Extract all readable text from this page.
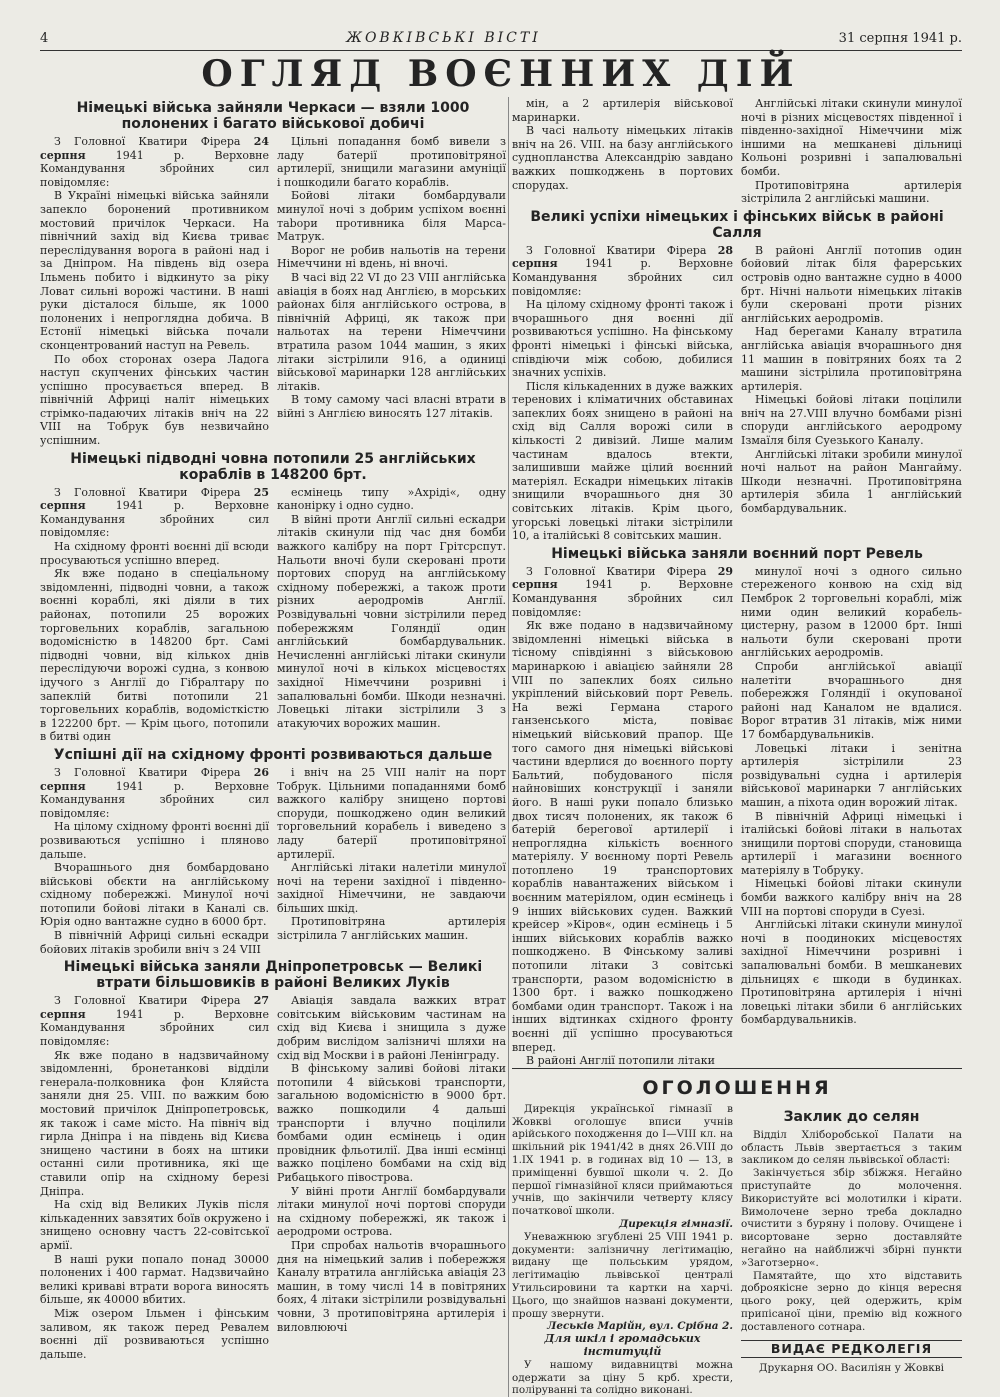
4	ЖОВКІВСЬКІ ВІСТІ	31 серпня 1941 р.
ОГЛЯД ВОЄННИХ ДІЙ
Німецькі війська зайняли Черкаси — взяли 1000 полонених і багато військової добичі

З Головної Кватири Фірера 24 серпня 1941 р. Верховне Командування збройних сил повідомляє:

В Україні німецькі війська зайняли запекло боронений противником мостовий причілок Черкаси. На північний захід від Києва триває переслідування ворога в районі над і за Дніпром. На південь від озера Ільмень побито і відкинуто за ріку Ловат сильні ворожі частини. В наші руки дісталося більше, як 1000 полонених і непроглядна добича. В Естонії німецькі війська почали сконцентрований наступ на Ревель.

По обох сторонах озера Ладога наступ скупчених фінських частин успішно просувається вперед. В північній Африці наліт німецьких стрімко-падаючих літаків вніч на 22 VIII на Тобрук був незвичайно успішним.

Цільні попадання бомб вивели з ладу батерії протиповітряної артилерії, знищили магазини амуніції і пошкодили багато кораблів.

Бойові літаки бомбардували минулої ночі з добрим успіхом воєнні тabори противника біля Марса-Матрук.

Ворог не робив нальотів на терени Німеччини ні вдень, ні вночі.

В часі від 22 VI до 23 VIII англійська авіація в боях над Англією, в морських районах біля англійського острова, в північній Африці, як також при нальотах на терени Німеччини втратила разом 1044 машин, з яких літаки зістрілили 916, а одиниці військової маринарки 128 англійських літаків.

В тому самому часі власні втрати в війні з Англією виносять 127 літаків.

Німецькі підводні човна потопили 25 англійських кораблів в 148200 брт.

З Головної Кватири Фірера 25 серпня 1941 р. Верховне Командування збройних сил повідомляє:

На східному фронті воєнні дії всюди просуваються успішно вперед.

Як вже подано в спеціальному звідомленні, підводні човни, а також воєнні кораблі, які діяли в тих районах, потопили 25 ворожих торговельних кораблів, загальною водомісністю в 148200 брт. Самі підводні човни, від кількох днів переслідуючи ворожі судна, з конвою ідучого з Англії до Гібралтару по запеклій битві потопили 21 торговельних кораблів, водомісткістю в 122200 брт. — Крім цього, потопили в битві один

есмінець типу »Ахріді«, одну канонірку і одно судно.

В війні проти Англії сильні ескадри літаків скинули під час дня бомби важкого калібру на порт Грітсрспут. Нальоти вночі були скеровані проти портових споруд на англійському східному побережжі, а також проти різних аеродромів Англії. Розвідувальні човни зістрілили перед побережжям Голяндії один англійський бомбардувальник. Нечисленні англійські літаки скинули минулої ночі в кількох місцевостях західної Німеччини розривні і запалювальні бомби. Шкоди незначні. Ловецькі літаки зістрілили 3 з атакуючих ворожих машин.

Успішні дії на східному фронті розвиваються дальше

З Головної Кватири Фірера 26 серпня 1941 р. Верховне Командування збройних сил повідомляє:

На цілому східному фронті воєнні дії розвиваються успішно і пляново дальше.

Вчорашнього дня бомбардовано військові обєкти на англійському східному побережжі. Минулої ночі потопили бойові літаки в Каналі св. Юрія одно вантажне судно в 6000 брт.

В північній Африці сильні ескадри бойових літаків зробили вніч з 24 VIII

і вніч на 25 VIII наліт на порт Тобрук. Цільними попаданнями бомб важкого калібру знищено портові споруди, пошкоджено один великий торговельний корабель і виведено з ладу батерії протиповітряної артилерії.

Англійські літаки налетіли минулої ночі на терени західної і південно-західної Німеччини, не завдаючи більших шкід.

Протиповітряна артилерія зістрілила 7 англійських машин.

Німецькі війська заняли Дніпропетровськ — Великі втрати більшовиків в районі Великих Луків

З Головної Кватири Фірера 27 серпня 1941 р. Верховне Командування збройних сил повідомляє:

Як вже подано в надзвичайному звідомленні, бронетанкові відділи генерала-полковника фон Кляйста заняли дня 25. VIII. по важким бою мостовий причілок Дніпропетровськ, як також і саме місто. На північ від гирла Дніпра і на південь від Києва знищено частини в боях на штики останні сили противника, які ще ставили опір на східному березі Дніпра.

На схід від Великих Луків після кількаденних завзятих боїв окружено і знищено основну частъ 22-совітської армії.

В наші руки попало понад 30000 полонених і 400 гармат. Надзвичайно великі криваві втрати ворога виносять більше, як 40000 вбитих.

Між озером Ільмен і фінським заливом, як також перед Ревалем воєнні дії розвиваються успішно дальше.

Авіація завдала важких втрат совітським військовим частинам на схід від Києва і знищила з дуже добрим вислідом залізничі шляхи на схід від Москви і в районі Ленінграду.

В фінському заливі бойові літаки потопили 4 військові транспорти, загальною водомісністю в 9000 брт. важко пошкодили 4 дальші транспорти і влучно поцілили бомбами один есмінець і один провідник фльотилії. Два інші есмінці важко поцілено бомбами на схід від Рибацького півострова.

У війні проти Англії бомбардували літаки минулої ночі портові споруди на східному побережжі, як також і аеродроми острова.

При спробах нальотів вчорашнього дня на німецький залив і побережжя Каналу втратила англійська авіація 23 машин, в тому числі 14 в повітряних боях, 4 літаки зістрілили розвідувальні човни, 3 протиповітряна артилерія і виловлюючі

мін, а 2 артилерія військової маринарки.

В часі нальоту німецьких літаків вніч на 26. VIII. на базу англійського суднопланства Александрію завдано важких пошкоджень в портових спорудах.

Англійські літаки скинули минулої ночі в різних місцевостях південної і південно-західної Німеччини між іншими на мешканеві дільниці Кольоні розривні і запалювальні бомби.

Протиповітряна артилерія зістрілила 2 англійські машини.

Великі успіхи німецьких і фінських військ в районі Салля

З Головної Кватири Фірера 28 серпня 1941 р. Верховне Командування збройних сил повідомляє:

На цілому східному фронті також і вчорашнього дня воєнні дії розвиваються успішно. На фінському фронті німецькі і фінські війська, співдіючи між собою, добилися значних успіхів.

Після кількаденних в дуже важких тереновиx і кліматичних обставинах запеклих боях знищено в районі на схід від Салля ворожі сили в кількості 2 дивізий. Лише малим частинам вдалось втекти, залишивши майже цілий воєнний матеріял. Ескадри німецьких літаків знищили вчорашнього дня 30 совітських літаків. Крім цього, угорські ловецькі літаки зістрілили 10, а італійські 8 совітських машин.

В районі Англії потопив один бойовий літак біля фарерських островів одно вантажне судно в 4000 брт. Нічні нальоти німецьких літаків були скеровані проти різних англійських аеродромів.

Над берегами Каналу втратила англійська авіація вчорашнього дня 11 машин в повітряних боях та 2 машини зістрілила протиповітряна артилерія.

Німецькі бойові літаки поцілили вніч на 27.VIII влучно бомбами різні споруди англійського аеродрому Ізмаїля біля Суезького Каналу.

Англійські літаки зробили минулої ночі нальот на район Мангайму. Шкоди незначні. Протиповітряна артилерія збила 1 англійський бомбардувальник.

Німецькі війська заняли воєнний порт Ревель

З Головної Кватири Фірера 29 серпня 1941 р. Верховне Командування збройних сил повідомляє:

Як вже подано в надзвичайному звідомленні німецькі війська в тісному співдіянні з військовою маринаркою і авіацією зайняли 28 VIII по запеклих боях сильно укріплений військовий порт Ревель. На вежі Германа старого ганзенського міста, повіває німецький військовий прапор. Ще того самого дня німецькі військові частини вдерлися до воєнного порту Бальтий, побудованого після найновіших конструкції і заняли його. В наші руки попало близько двох тисяч полонених, як також 6 батерій берегової артилерії і непроглядна кількість воєнного матеріялу. У воєнному порті Ревель потоплено 19 транспортових кораблів навантажених військом і воєнним матеріялом, один есмінець і 9 інших військових суден. Важкий крейсер »Кіров«, один есмінець і 5 інших військових кораблів важко пошкоджено. В Фінському заливі потопили літаки 3 совітські транспорти, разом водомісністю в 1300 брт. і важко пошкоджено бомбами один транспорт. Також і на інших відтинках східного фронту воєнні дії успішно просуваються вперед.

В районі Англії потопили літаки

минулої ночі з одного сильно стереженого конвою на схід від Пемброк 2 торговельні кораблі, між ними один великий корабель-цистерну, разом в 12000 брт. Інші нальоти були скеровані проти англійських аеродромів.

Спроби англійської авіації налетіти вчорашнього дня побережжя Голяндії і окупованої районі над Каналом не вдалися. Ворог втратив 31 літаків, між ними 17 бомбардувальників.

Ловецькі літаки і зенітна артилерія зістрілили 23 розвідувальні судна і артилерія військової маринарки 7 англійських машин, а піхота один ворожий літак.

В північній Африці німецькі і італійські бойові літаки в нальотах знищили портові споруди, становища артилерії і магазини воєнного матеріялу в Тобруку.

Німецькі бойові літаки скинули бомби важкого калібру вніч на 28 VIII на портові споруди в Суезі.

Англійські літаки скинули минулої ночі в поодиноких місцевостях західної Німеччини розривні і запалювальні бомби. В мешканевих дільницях є шкоди в будинках. Протиповітряна артилерія і нічні ловецькі літаки збили 6 англійських бомбардувальників.

ОГОЛОШЕННЯ

Дирекція української гімназії в Жовкві оголошує вписи учнів арійського походження до I—VIII кл. на шкільний рік 1941/42 в днях 26.VIII до 1.IX 1941 р. в годинах від 10 — 13, в приміщенні бувшої школи ч. 2. До першої гімназійної кляси приймаються учнів, що закінчили четверту кляcу почaтковoї школи.

Дирекція гімназії.

Уневажнюю згублені 25 VIII 1941 р. документи: залізничну легітимацію, видану ще польським урядом, легітимацію львівської централі Утильсировини та картки на харчі. Цього, що знайшов названі документи, прошу звернути.

Леськів Марійн, вул. Срібна 2.
Для шкіл і громадських інституцій

У нашому видавництві можна одержати за ціну 5 крб. хрести, поліруванні та солідно виконані.

Заклик до селян

Відділ Хліборобської Палати на область Львів звертається з таким закликом до селян львівської області:

Закінчується збір збіжжя. Негайно приступайте до молочення. Використуйте всі молотилки і кірати. Вимолочене зерно треба докладно очистити з буряну і полову. Очищене і висортоване зерно доставляйте негайно на найближчі збірні пункти »Заготзерно«.

Памятайте, що хто відставить доброякісне зерно до кінця вересня цього року, цей одержить, крім припісаної ціни, премію від кожного доставленого сотнара.

ВИДАЄ РЕДКОЛЕГІЯ
Друкарня ОО. Василіян у Жовкві
